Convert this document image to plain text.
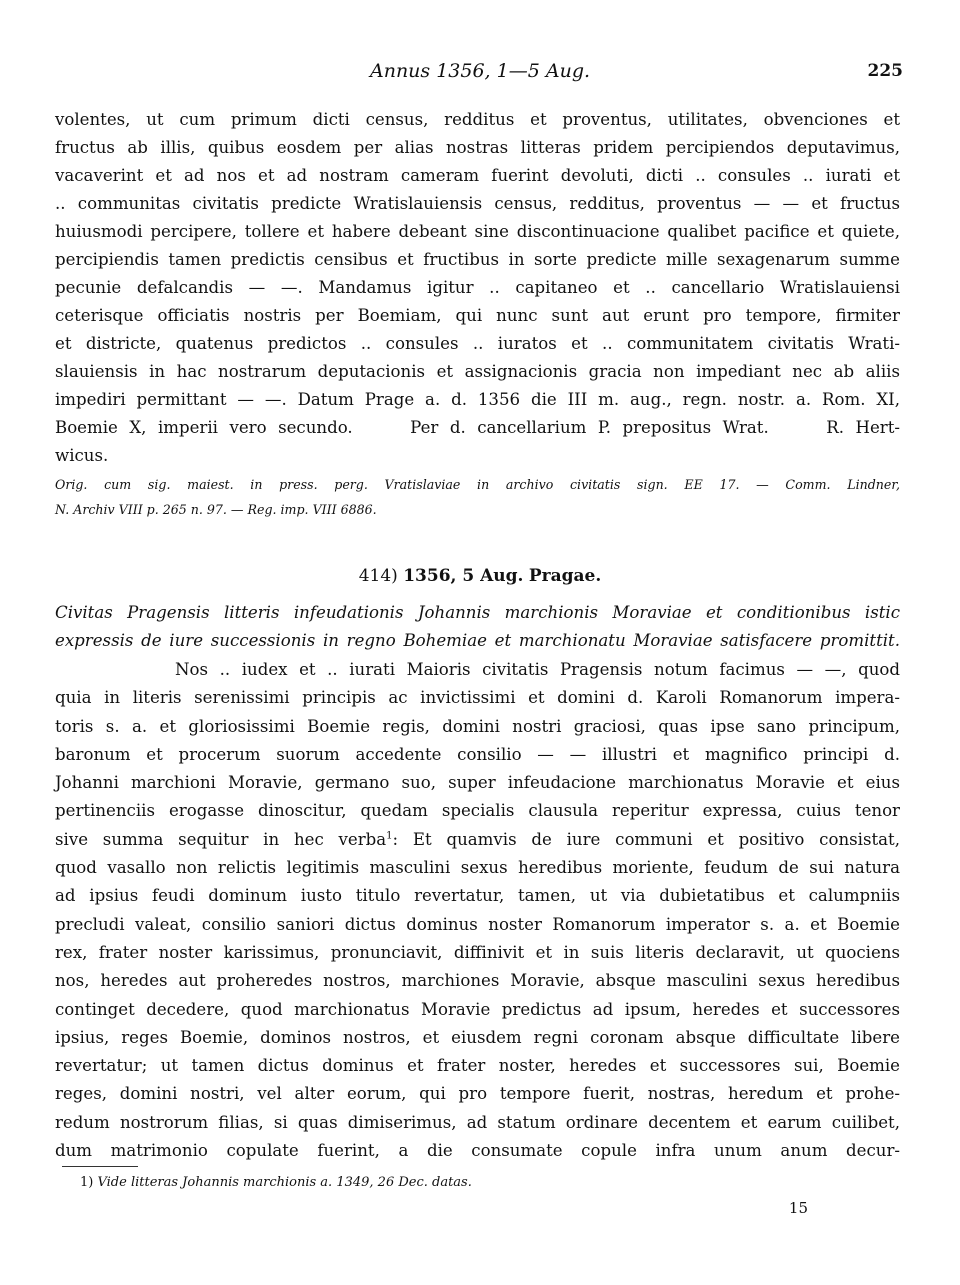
Annus 1356, 1—5 Aug.	225
volentes, ut cum primum dicti census, redditus et proventus, utilitates, obvenciones et
fructus ab illis, quibus eosdem per alias nostras litteras pridem percipiendos deputavimus,
vacaverint et ad nos et ad nostram cameram fuerint devoluti, dicti .. consules .. iurati et
.. communitas civitatis predicte Wratislauiensis census, redditus, proventus — — et fructus
huiusmodi percipere, tollere et habere debeant sine discontinuacione qualibet pacifice et quiete,
percipiendis tamen predictis censibus et fructibus in sorte predicte mille sexagenarum summe
pecunie defalcandis — —. Mandamus igitur .. capitaneo et .. cancellario Wratislauiensi
ceterisque officiatis nostris per Boemiam, qui nunc sunt aut erunt pro tempore, firmiter
et districte, quatenus predictos .. consules .. iuratos et .. communitatem civitatis Wrati-
slauiensis in hac nostrarum deputacionis et assignacionis gracia non impediant nec ab aliis
impediri permittant — —. Datum Prage a. d. 1356 die III m. aug., regn. nostr. a. Rom. XI,
Boemie X, imperii vero secundo.     Per d. cancellarium P. prepositus Wrat.     R. Hert-
wicus.
Orig. cum sig. maiest. in press. perg. Vratislaviae in archivo civitatis sign. EE 17. — Comm. Lindner,
N. Archiv VIII p. 265 n. 97. — Reg. imp. VIII 6886.
414) 1356, 5 Aug. Pragae.
Civitas Pragensis litteris infeudationis Johannis marchionis Moraviae et conditionibus istic
expressis de iure successionis in regno Bohemiae et marchionatu Moraviae satisfacere promittit.
Nos .. iudex et .. iurati Maioris civitatis Pragensis notum facimus — —, quod
quia in literis serenissimi principis ac invictissimi et domini d. Karoli Romanorum impera-
toris s. a. et gloriosissimi Boemie regis, domini nostri graciosi, quas ipse sano principum,
baronum et procerum suorum accedente consilio — — illustri et magnifico principi d.
Johanni marchioni Moravie, germano suo, super infeudacione marchionatus Moravie et eius
pertinenciis erogasse dinoscitur, quedam specialis clausula reperitur expressa, cuius tenor
sive summa sequitur in hec verba$^1$: Et quamvis de iure communi et positivo consistat,
quod vasallo non relictis legitimis masculini sexus heredibus moriente, feudum de sui natura
ad ipsius feudi dominum iusto titulo revertatur, tamen, ut via dubietatibus et calumpniis
precludi valeat, consilio saniori dictus dominus noster Romanorum imperator s. a. et Boemie
rex, frater noster karissimus, pronunciavit, diffinivit et in suis literis declaravit, ut quociens
nos, heredes aut proheredes nostros, marchiones Moravie, absque masculini sexus heredibus
continget decedere, quod marchionatus Moravie predictus ad ipsum, heredes et successores
ipsius, reges Boemie, dominos nostros, et eiusdem regni coronam absque difficultate libere
revertatur; ut tamen dictus dominus et frater noster, heredes et successores sui, Boemie
reges, domini nostri, vel alter eorum, qui pro tempore fuerit, nostras, heredum et prohe-
redum nostrorum filias, si quas dimiserimus, ad statum ordinare decentem et earum cuilibet,
dum matrimonio copulate fuerint, a die consumate copule infra unum anum decur-
1) Vide litteras Johannis marchionis a. 1349, 26 Dec. datas.
15
